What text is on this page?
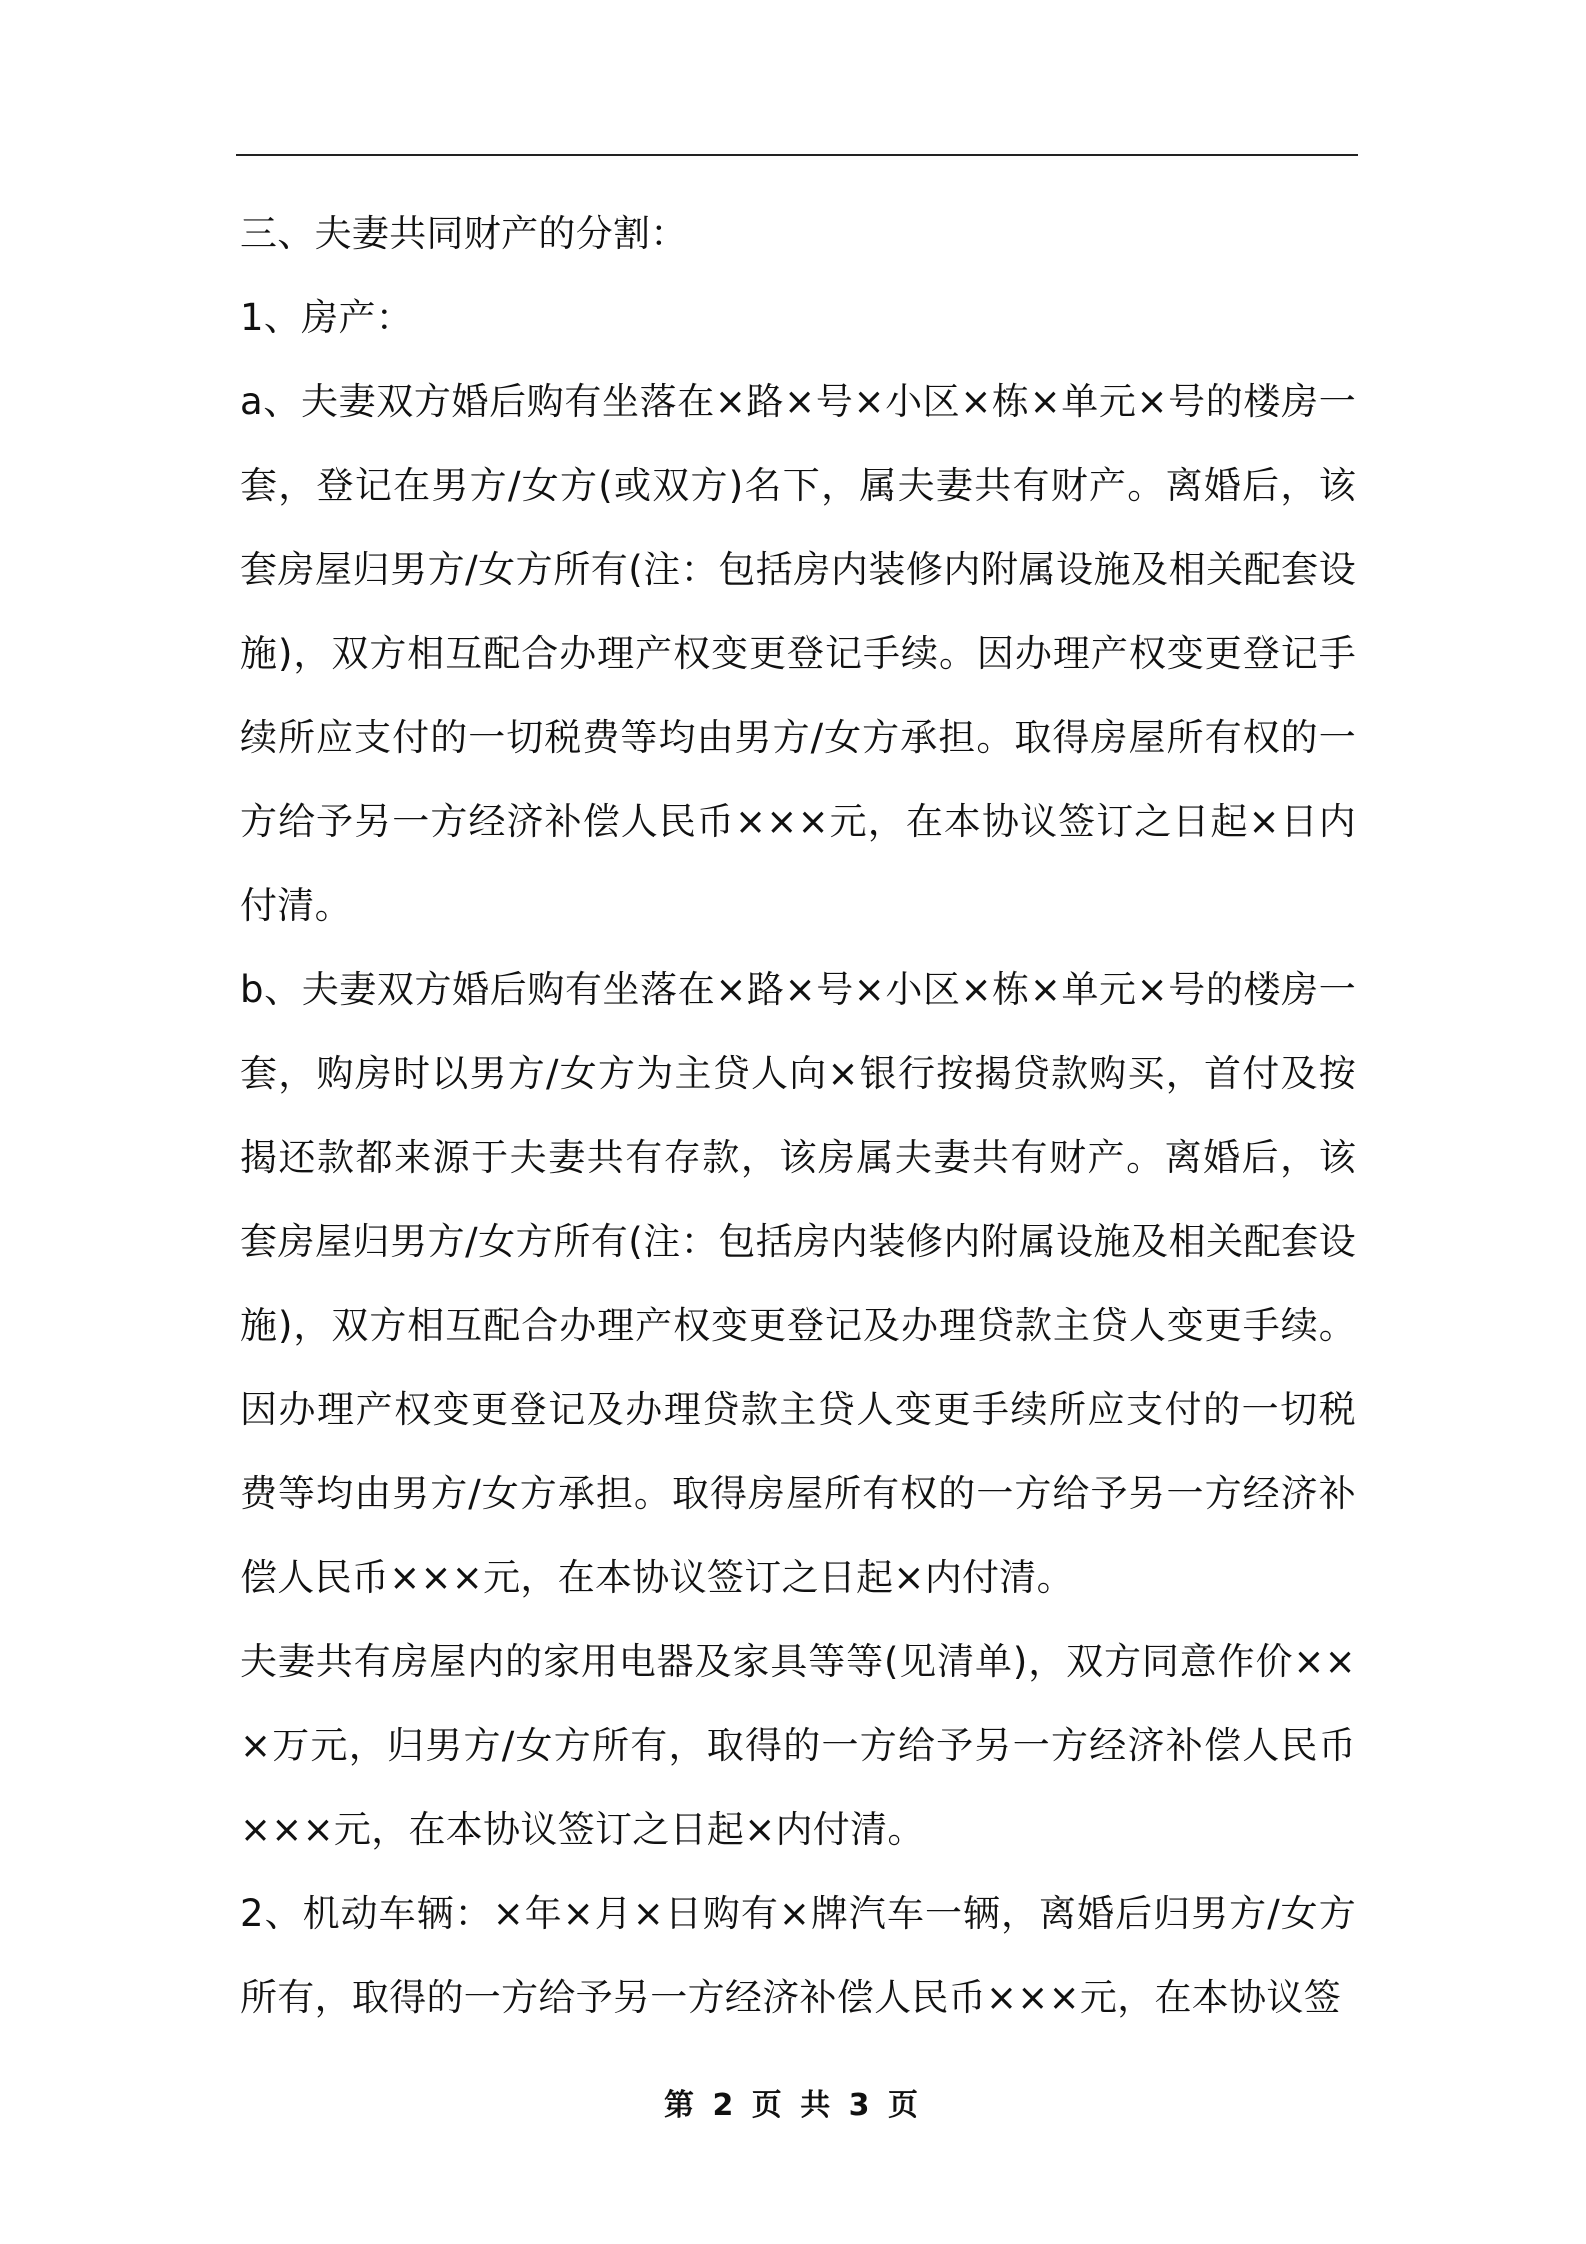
三、夫妻共同财产的分割：

1、房产：

a、夫妻双方婚后购有坐落在×路×号×小区×栋×单元×号的楼房一套，登记在男方/女方(或双方)名下，属夫妻共有财产。离婚后，该套房屋归男方/女方所有(注：包括房内装修内附属设施及相关配套设施)，双方相互配合办理产权变更登记手续。因办理产权变更登记手续所应支付的一切税费等均由男方/女方承担。取得房屋所有权的一方给予另一方经济补偿人民币×××元，在本协议签订之日起×日内付清。

b、夫妻双方婚后购有坐落在×路×号×小区×栋×单元×号的楼房一套，购房时以男方/女方为主贷人向×银行按揭贷款购买，首付及按揭还款都来源于夫妻共有存款，该房属夫妻共有财产。离婚后，该套房屋归男方/女方所有(注：包括房内装修内附属设施及相关配套设施)，双方相互配合办理产权变更登记及办理贷款主贷人变更手续。因办理产权变更登记及办理贷款主贷人变更手续所应支付的一切税费等均由男方/女方承担。取得房屋所有权的一方给予另一方经济补偿人民币×××元，在本协议签订之日起×内付清。

夫妻共有房屋内的家用电器及家具等等(见清单)，双方同意作价×××万元，归男方/女方所有，取得的一方给予另一方经济补偿人民币×××元，在本协议签订之日起×内付清。

2、机动车辆：×年×月×日购有×牌汽车一辆，离婚后归男方/女方所有，取得的一方给予另一方经济补偿人民币×××元，在本协议签

第 2 页 共 3 页
